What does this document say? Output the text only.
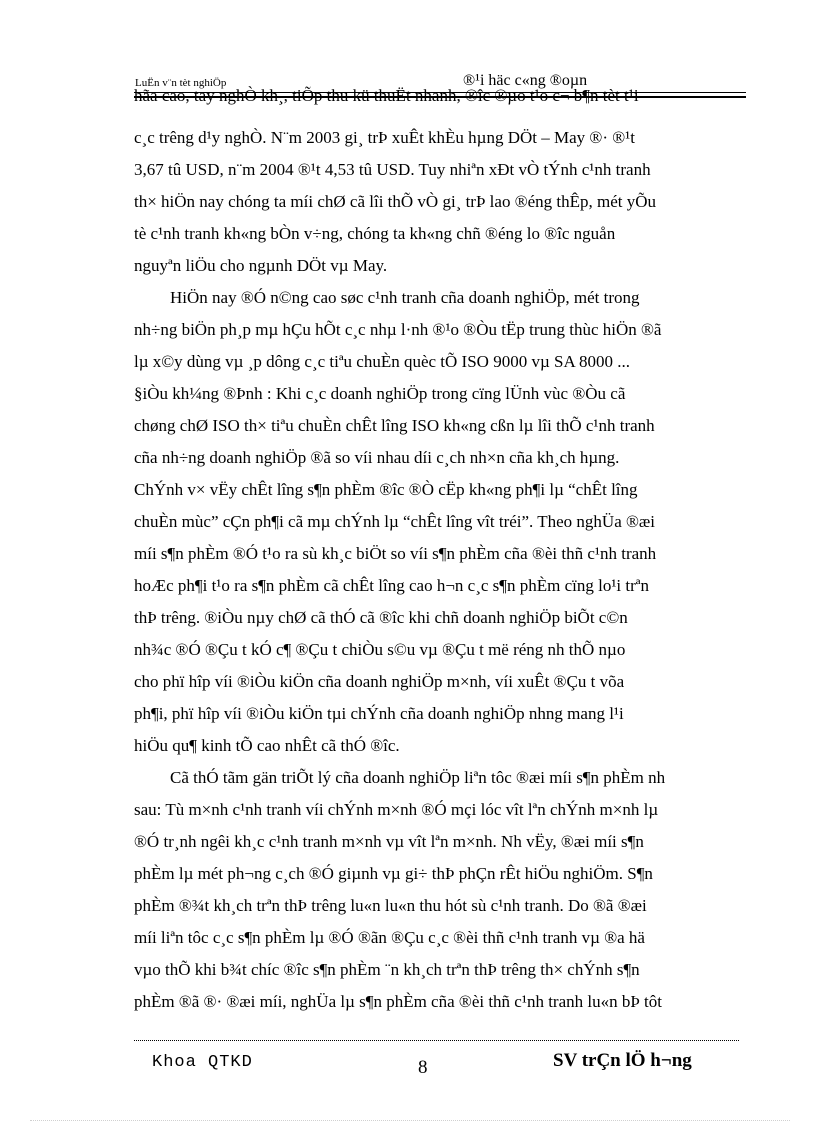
LuËn v¨n tèt nghiÖp	®¹i häc c«ng ®oµn
hãa cao, tay nghÒ kh¸, tiÕp thu kü thuËt nhanh, ®îc ®µo t¹o c¬ b¶n tèt t¹i
c¸c trêng d¹y nghÒ. N¨m 2003 gi¸ trÞ xuÊt khÈu hµng DÖt – May ®· ®¹t
3,67 tû USD, n¨m 2004 ®¹t 4,53 tû USD. Tuy nhiªn xÐt vÒ tÝnh c¹nh tranh
th× hiÖn nay chóng ta míi chØ cã lîi thÕ vÒ gi¸ trÞ lao ®éng thÊp, mét yÕu
tè c¹nh tranh kh«ng bÒn v÷ng, chóng ta kh«ng chñ ®éng lo ®îc nguån
nguyªn liÖu cho ngµnh DÖt vµ May.
HiÖn nay ®Ó n©ng cao søc c¹nh tranh cña doanh nghiÖp, mét trong
nh÷ng biÖn ph¸p mµ hÇu hÕt c¸c nhµ l·nh ®¹o ®Òu tËp trung thùc hiÖn ®ã
lµ x©y dùng vµ ¸p dông c¸c tiªu chuÈn quèc tÕ ISO 9000 vµ SA 8000 ...
§iÒu kh¼ng ®Þnh : Khi c¸c doanh nghiÖp trong cïng lÜnh vùc ®Òu cã
chøng chØ ISO th× tiªu chuÈn chÊt lîng ISO kh«ng cßn lµ lîi thÕ c¹nh tranh
cña nh÷ng doanh nghiÖp ®ã so víi nhau díi c¸ch nh×n cña kh¸ch hµng.
ChÝnh v× vËy chÊt lîng s¶n phÈm ®îc ®Ò cËp kh«ng ph¶i lµ “chÊt lîng
chuÈn mùc” cÇn ph¶i cã mµ chÝnh lµ “chÊt lîng vît tréi”. Theo nghÜa ®æi
míi s¶n phÈm ®Ó t¹o ra sù kh¸c biÖt so víi s¶n phÈm cña ®èi thñ c¹nh tranh
hoÆc ph¶i t¹o ra s¶n phÈm cã chÊt lîng cao h¬n c¸c s¶n phÈm cïng lo¹i trªn
thÞ trêng. ®iÒu nµy chØ cã thÓ cã ®îc khi chñ doanh nghiÖp biÕt c©n
nh¾c ®Ó ®Çu t kÓ c¶ ®Çu t chiÒu s©u vµ ®Çu t më réng nh thÕ nµo
cho phï hîp víi ®iÒu kiÖn cña doanh nghiÖp m×nh, víi xuÊt ®Çu t võa
ph¶i, phï hîp víi ®iÒu kiÖn tµi chÝnh cña doanh nghiÖp nhng mang l¹i
hiÖu qu¶ kinh tÕ cao nhÊt cã thÓ ®îc.
Cã thÓ tãm gän triÕt lý cña doanh nghiÖp liªn tôc ®æi míi s¶n phÈm nh
sau: Tù m×nh c¹nh tranh víi chÝnh m×nh ®Ó mçi lóc vît lªn chÝnh m×nh lµ
®Ó tr¸nh ngêi kh¸c c¹nh tranh m×nh vµ vît lªn m×nh. Nh vËy, ®æi míi s¶n
phÈm lµ mét ph¬ng c¸ch ®Ó giµnh vµ gi÷ thÞ phÇn rÊt hiÖu nghiÖm. S¶n
phÈm ®¾t kh¸ch trªn thÞ trêng lu«n lu«n thu hót sù c¹nh tranh. Do ®ã ®æi
míi liªn tôc c¸c s¶n phÈm lµ ®Ó ®ãn ®Çu c¸c ®èi thñ c¹nh tranh vµ ®a hä
vµo thÕ khi b¾t chíc ®îc s¶n phÈm ¨n kh¸ch trªn thÞ trêng th× chÝnh s¶n
phÈm ®ã ®· ®æi míi, nghÜa lµ s¶n phÈm cña ®èi thñ c¹nh tranh lu«n bÞ tôt
Khoa QTKD	8	SV trÇn lÖ h¬ng
